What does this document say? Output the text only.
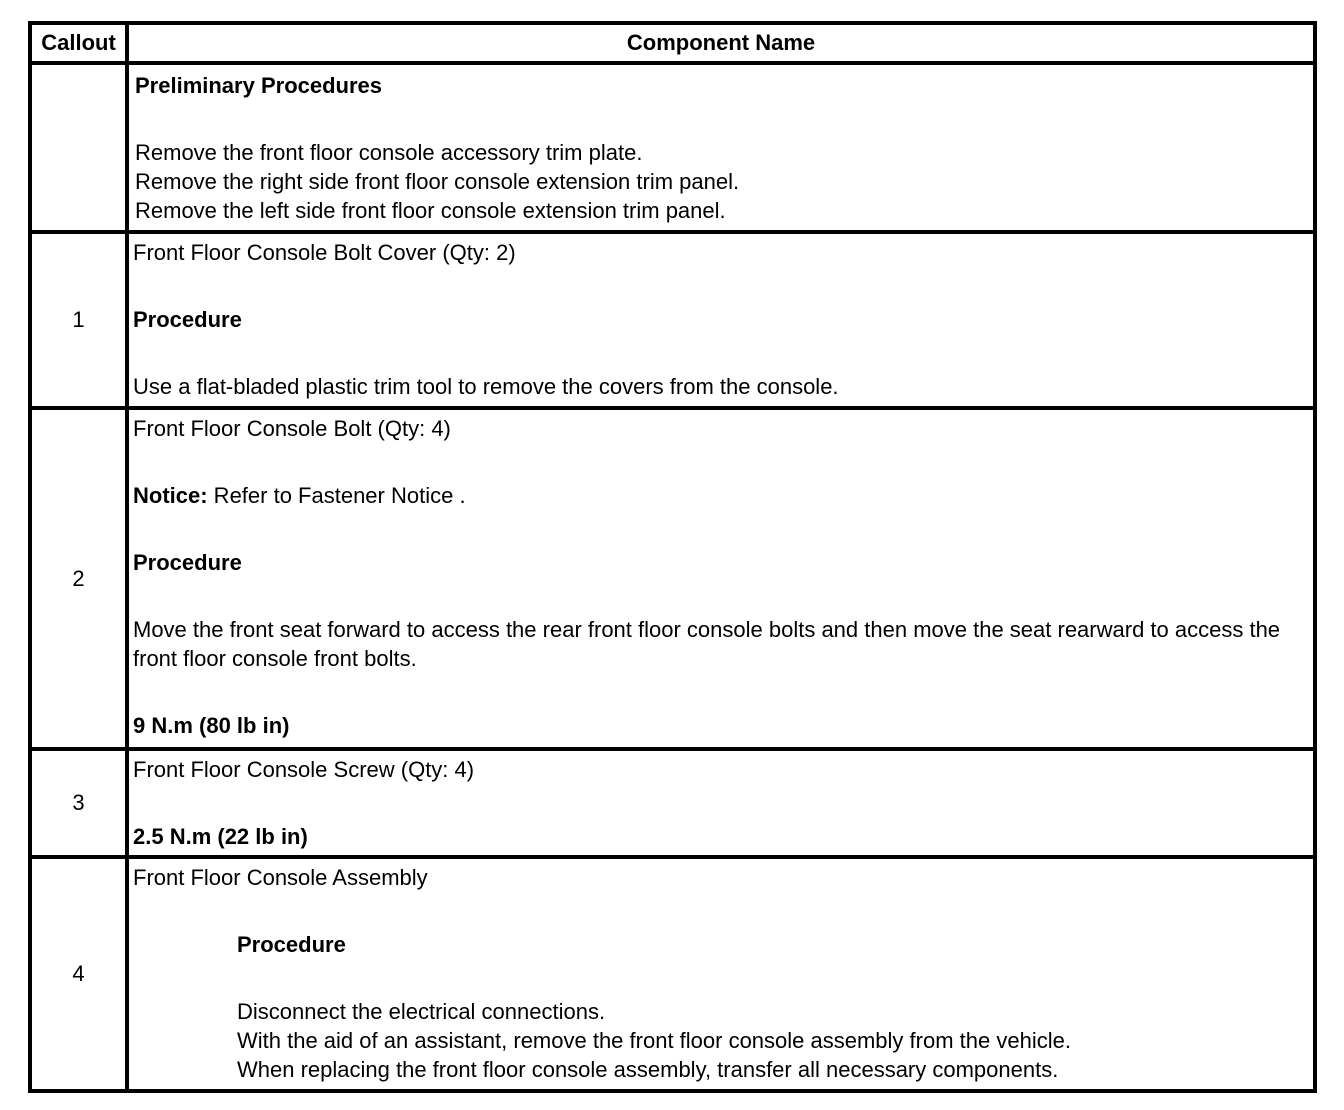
Callout	Component Name

	Preliminary Procedures

Remove the front floor console accessory trim plate.

Remove the right side front floor console extension trim panel.

Remove the left side front floor console extension trim panel.

1	Front Floor Console Bolt Cover (Qty: 2)

Procedure

Use a flat-bladed plastic trim tool to remove the covers from the console.

2	Front Floor Console Bolt (Qty: 4)

Notice: Refer to Fastener Notice .

Procedure

Move the front seat forward to access the rear front floor console bolts and then move the seat rearward to access the front floor console front bolts.

9 N.m (80 lb in)

3	Front Floor Console Screw (Qty: 4)

2.5 N.m (22 lb in)

4	Front Floor Console Assembly

Procedure

Disconnect the electrical connections.

With the aid of an assistant, remove the front floor console assembly from the vehicle.

When replacing the front floor console assembly, transfer all necessary components.
